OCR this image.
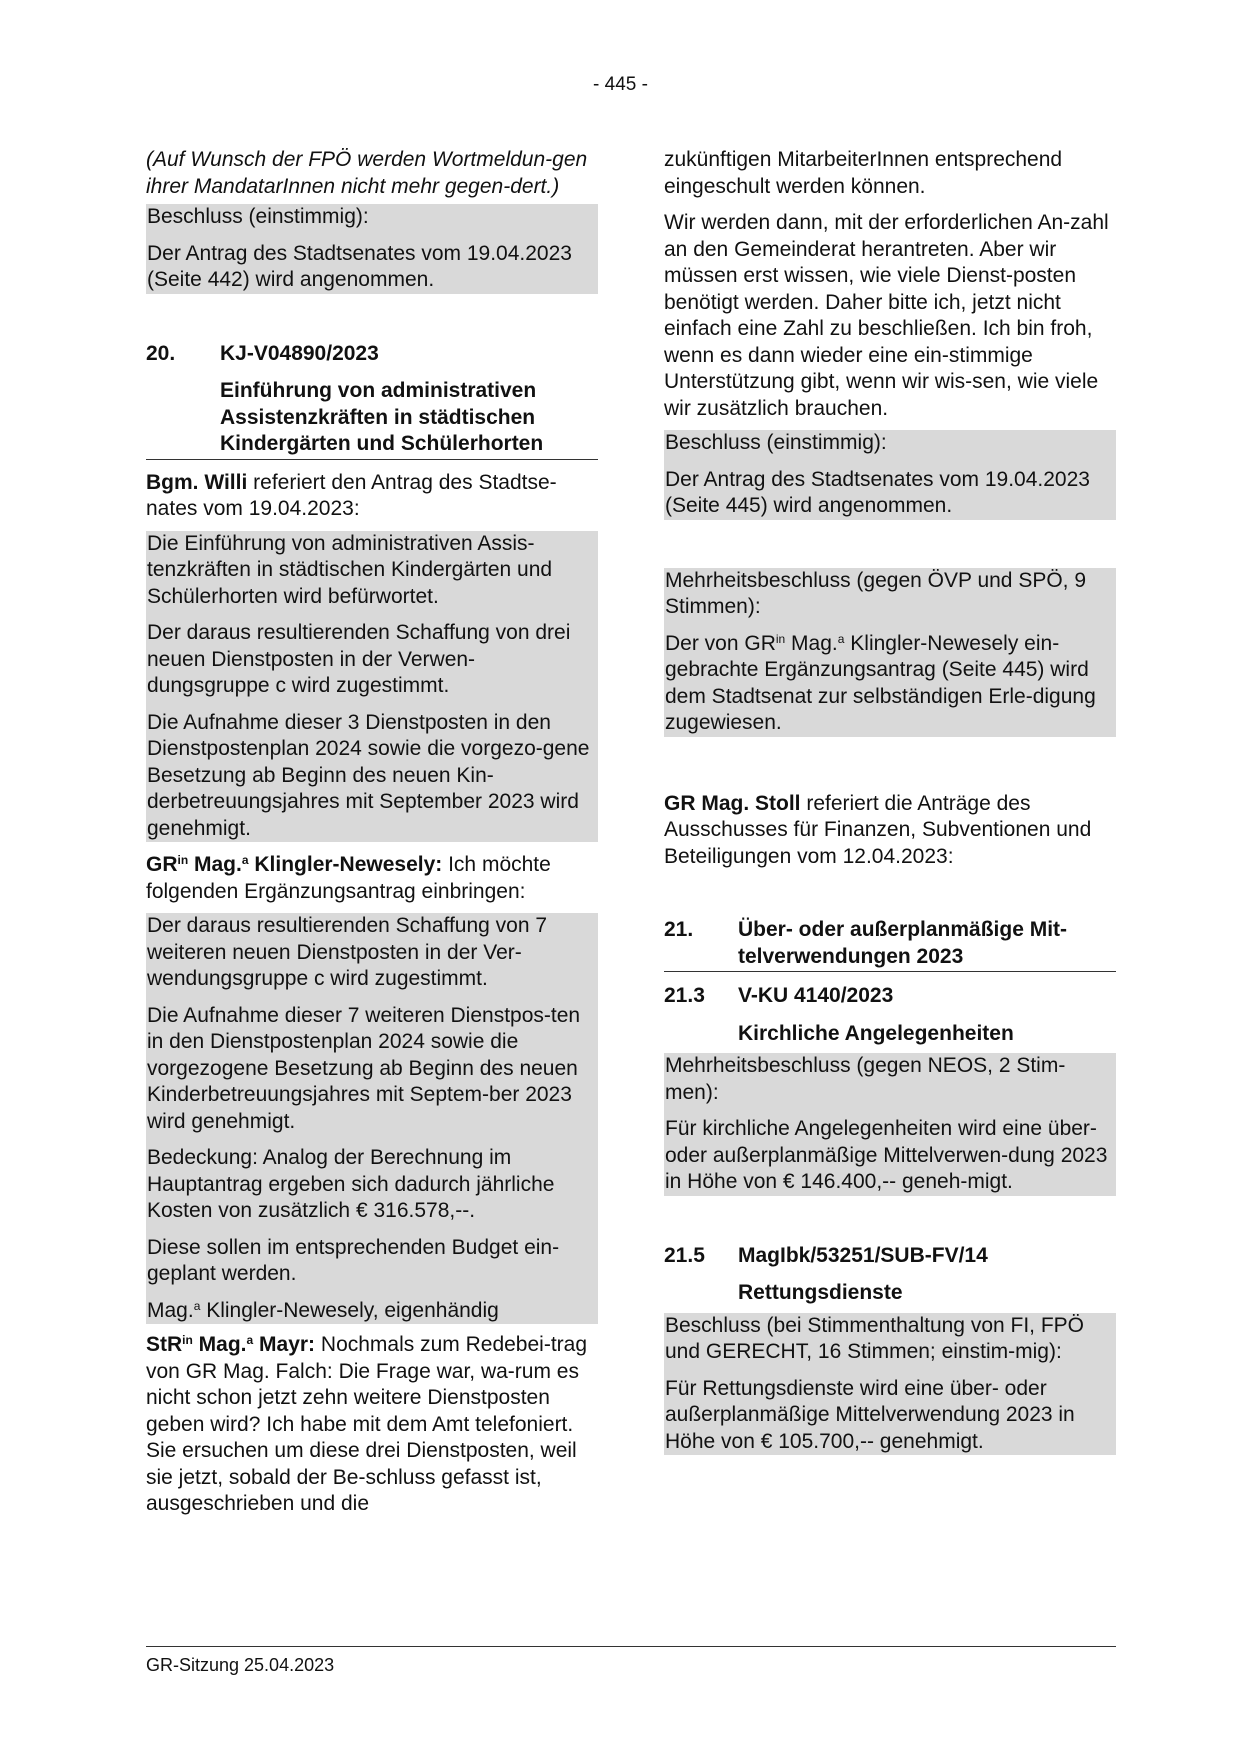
- 445 -

(Auf Wunsch der FPÖ werden Wortmeldun-gen ihrer MandatarInnen nicht mehr gegen-dert.)

Beschluss (einstimmig):

Der Antrag des Stadtsenates vom 19.04.2023 (Seite 442) wird angenommen.

20. KJ-V04890/2023
Einführung von administrativen Assistenzkräften in städtischen Kindergärten und Schülerhorten

Bgm. Willi referiert den Antrag des Stadtse-nates vom 19.04.2023:

Die Einführung von administrativen Assis-tenzkräften in städtischen Kindergärten und Schülerhorten wird befürwortet.

Der daraus resultierenden Schaffung von drei neuen Dienstposten in der Verwen-dungsgruppe c wird zugestimmt.

Die Aufnahme dieser 3 Dienstposten in den Dienstpostenplan 2024 sowie die vorgezo-gene Besetzung ab Beginn des neuen Kin-derbetreuungsjahres mit September 2023 wird genehmigt.

$GR^{in}$ Mag.$^a$ Klingler-Newesely: Ich möchte folgenden Ergänzungsantrag einbringen:

Der daraus resultierenden Schaffung von 7 weiteren neuen Dienstposten in der Ver-wendungsgruppe c wird zugestimmt.

Die Aufnahme dieser 7 weiteren Dienstpos-ten in den Dienstpostenplan 2024 sowie die vorgezogene Besetzung ab Beginn des neuen Kinderbetreuungsjahres mit Septem-ber 2023 wird genehmigt.

Bedeckung: Analog der Berechnung im Hauptantrag ergeben sich dadurch jährliche Kosten von zusätzlich € 316.578,--.

Diese sollen im entsprechenden Budget ein-geplant werden.

Mag.$^a$ Klingler-Newesely, eigenhändig

StR$^{in}$ Mag.$^a$ Mayr: Nochmals zum Redebei-trag von GR Mag. Falch: Die Frage war, wa-rum es nicht schon jetzt zehn weitere Dienstposten geben wird? Ich habe mit dem Amt telefoniert. Sie ersuchen um diese drei Dienstposten, weil sie jetzt, sobald der Be-schluss gefasst ist, ausgeschrieben und die

zukünftigen MitarbeiterInnen entsprechend eingeschult werden können.

Wir werden dann, mit der erforderlichen An-zahl an den Gemeinderat herantreten. Aber wir müssen erst wissen, wie viele Dienst-posten benötigt werden. Daher bitte ich, jetzt nicht einfach eine Zahl zu beschließen. Ich bin froh, wenn es dann wieder eine ein-stimmige Unterstützung gibt, wenn wir wis-sen, wie viele wir zusätzlich brauchen.

Beschluss (einstimmig):

Der Antrag des Stadtsenates vom 19.04.2023 (Seite 445) wird angenommen.

Mehrheitsbeschluss (gegen ÖVP und SPÖ, 9 Stimmen):

Der von $GR^{in}$ Mag.$^a$ Klingler-Newesely ein-gebrachte Ergänzungsantrag (Seite 445) wird dem Stadtsenat zur selbständigen Erle-digung zugewiesen.

GR Mag. Stoll referiert die Anträge des Ausschusses für Finanzen, Subventionen und Beteiligungen vom 12.04.2023:

21. Über- oder außerplanmäßige Mit-telverwendungen 2023
21.3 V-KU 4140/2023
Kirchliche Angelegenheiten

Mehrheitsbeschluss (gegen NEOS, 2 Stim-men):

Für kirchliche Angelegenheiten wird eine über- oder außerplanmäßige Mittelverwen-dung 2023 in Höhe von € 146.400,-- geneh-migt.

21.5 MagIbk/53251/SUB-FV/14
Rettungsdienste

Beschluss (bei Stimmenthaltung von FI, FPÖ und GERECHT, 16 Stimmen; einstim-mig):

Für Rettungsdienste wird eine über- oder außerplanmäßige Mittelverwendung 2023 in Höhe von € 105.700,-- genehmigt.

GR-Sitzung 25.04.2023
